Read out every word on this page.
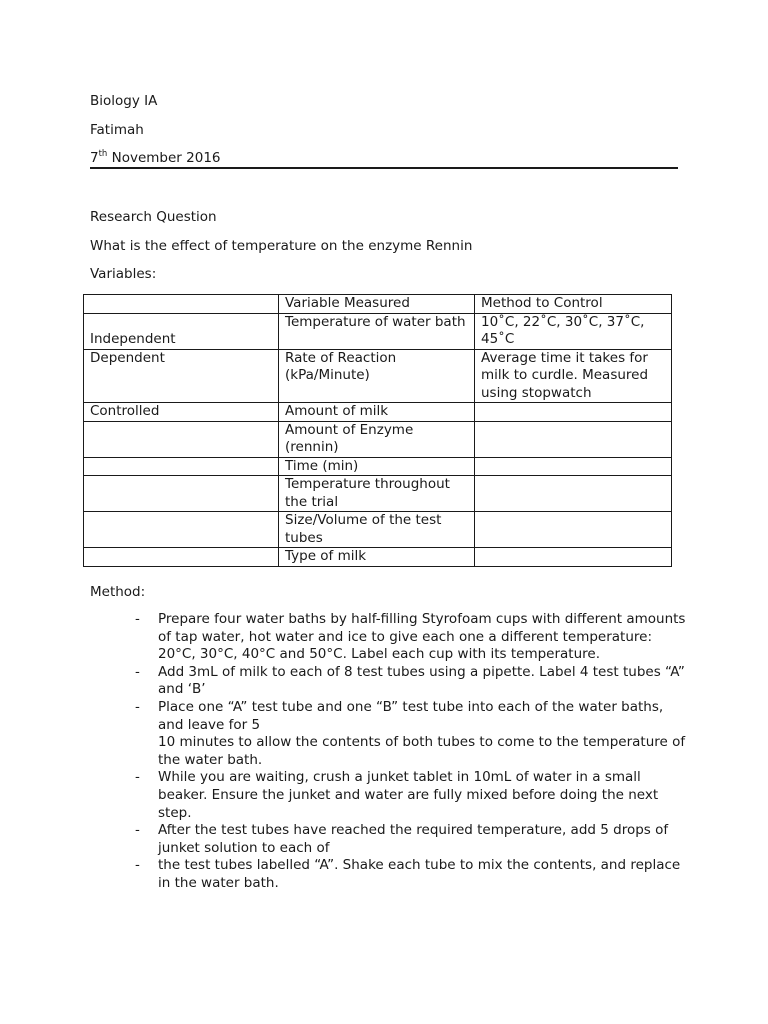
Biology IA
Fatimah
7th November 2016
Research Question
What is the effect of temperature on the enzyme Rennin
Variables:
	Variable Measured	Method to Control
Independent	Temperature of water bath	10˚C, 22˚C, 30˚C, 37˚C, 45˚C
Dependent	Rate of Reaction (kPa/Minute)	Average time it takes for milk to curdle. Measured using stopwatch
Controlled	Amount of milk	
	Amount of Enzyme (rennin)	
	Time (min)	
	Temperature throughout the trial	
	Size/Volume of the test tubes	
	Type of milk	
Method:
- Prepare four water baths by half-filling Styrofoam cups with different amounts of tap water, hot water and ice to give each one a different temperature: 20°C, 30°C, 40°C and 50°C. Label each cup with its temperature.
- Add 3mL of milk to each of 8 test tubes using a pipette. Label 4 test tubes “A” and ‘B’
- Place one “A” test tube and one “B” test tube into each of the water baths, and leave for 5
10 minutes to allow the contents of both tubes to come to the temperature of the water bath.
- While you are waiting, crush a junket tablet in 10mL of water in a small beaker. Ensure the junket and water are fully mixed before doing the next step.
- After the test tubes have reached the required temperature, add 5 drops of junket solution to each of
- the test tubes labelled “A”. Shake each tube to mix the contents, and replace in the water bath.
